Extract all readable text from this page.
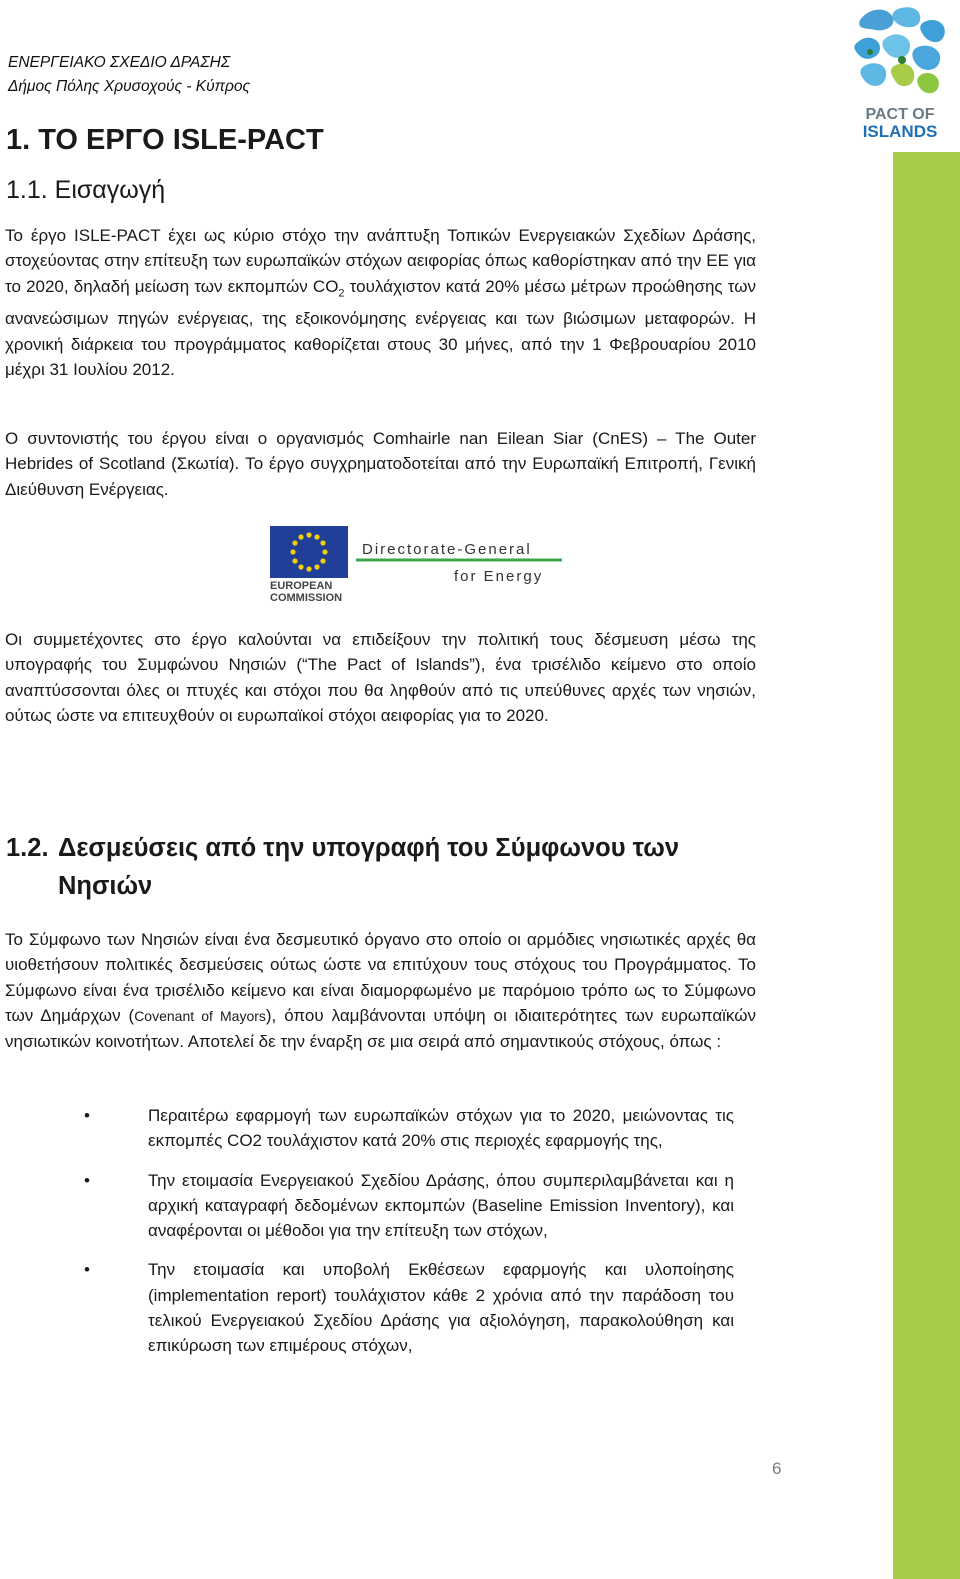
PACT OF
ISLANDS
ΕΝΕΡΓΕΙΑΚΟ ΣΧΕΔΙΟ ΔΡΑΣΗΣ
Δήμος Πόλης Χρυσοχούς - Κύπρος
1. ΤΟ ΕΡΓΟ ISLE-PACT
1.1. Εισαγωγή

Το έργο ISLE-PACT έχει ως κύριο στόχο την ανάπτυξη Τοπικών Ενεργειακών Σχεδίων Δράσης, στοχεύοντας στην επίτευξη των ευρωπαϊκών στόχων αειφορίας όπως καθορίστηκαν από την ΕΕ για το 2020, δηλαδή μείωση των εκπομπών $CO_2$ τουλάχιστον κατά 20% μέσω μέτρων προώθησης των ανανεώσιμων πηγών ενέργειας, της εξοικονόμησης ενέργειας και των βιώσιμων μεταφορών. Η χρονική διάρκεια του προγράμματος καθορίζεται στους 30 μήνες, από την 1 Φεβρουαρίου 2010 μέχρι 31 Ιουλίου 2012.

Ο συντονιστής του έργου είναι ο οργανισμός Comhairle nan Eilean Siar (CnES) – The Outer Hebrides of Scotland (Σκωτία). Το έργο συγχρηματοδοτείται από την Ευρωπαϊκή Επιτροπή, Γενική Διεύθυνση Ενέργειας.

EUROPEAN
COMMISSION
Directorate-General
for Energy

Οι συμμετέχοντες στο έργο καλούνται να επιδείξουν την πολιτική τους δέσμευση μέσω της υπογραφής του Συμφώνου Νησιών (“The Pact of Islands”), ένα τρισέλιδο κείμενο στο οποίο αναπτύσσονται όλες οι πτυχές και στόχοι που θα ληφθούν από τις υπεύθυνες αρχές των νησιών, ούτως ώστε να επιτευχθούν οι ευρωπαϊκοί στόχοι αειφορίας για το 2020.

1.2. Δεσμεύσεις από την υπογραφή του Σύμφωνου των
Νησιών

Το Σύμφωνο των Νησιών είναι ένα δεσμευτικό όργανο στο οποίο οι αρμόδιες νησιωτικές αρχές θα υιοθετήσουν πολιτικές δεσμεύσεις ούτως ώστε να επιτύχουν τους στόχους του Προγράμματος. Το Σύμφωνο είναι ένα τρισέλιδο κείμενο και είναι διαμορφωμένο με παρόμοιο τρόπο ως το Σύμφωνο των Δημάρχων (Covenant of Mayors), όπου λαμβάνονται υπόψη οι ιδιαιτερότητες των ευρωπαϊκών νησιωτικών κοινοτήτων. Αποτελεί δε την έναρξη σε μια σειρά από σημαντικούς στόχους, όπως :

•	Περαιτέρω εφαρμογή των ευρωπαϊκών στόχων για το 2020, μειώνοντας τις εκπομπές CO2 τουλάχιστον κατά 20% στις περιοχές εφαρμογής της,
•	Την ετοιμασία Ενεργειακού Σχεδίου Δράσης, όπου συμπεριλαμβάνεται και η αρχική καταγραφή δεδομένων εκπομπών (Baseline Emission Inventory), και αναφέρονται οι μέθοδοι για την επίτευξη των στόχων,
•	Την ετοιμασία και υποβολή Εκθέσεων εφαρμογής και υλοποίησης (implementation report) τουλάχιστον κάθε 2 χρόνια από την παράδοση του τελικού Ενεργειακού Σχεδίου Δράσης για αξιολόγηση, παρακολούθηση και επικύρωση των επιμέρους στόχων,
6
